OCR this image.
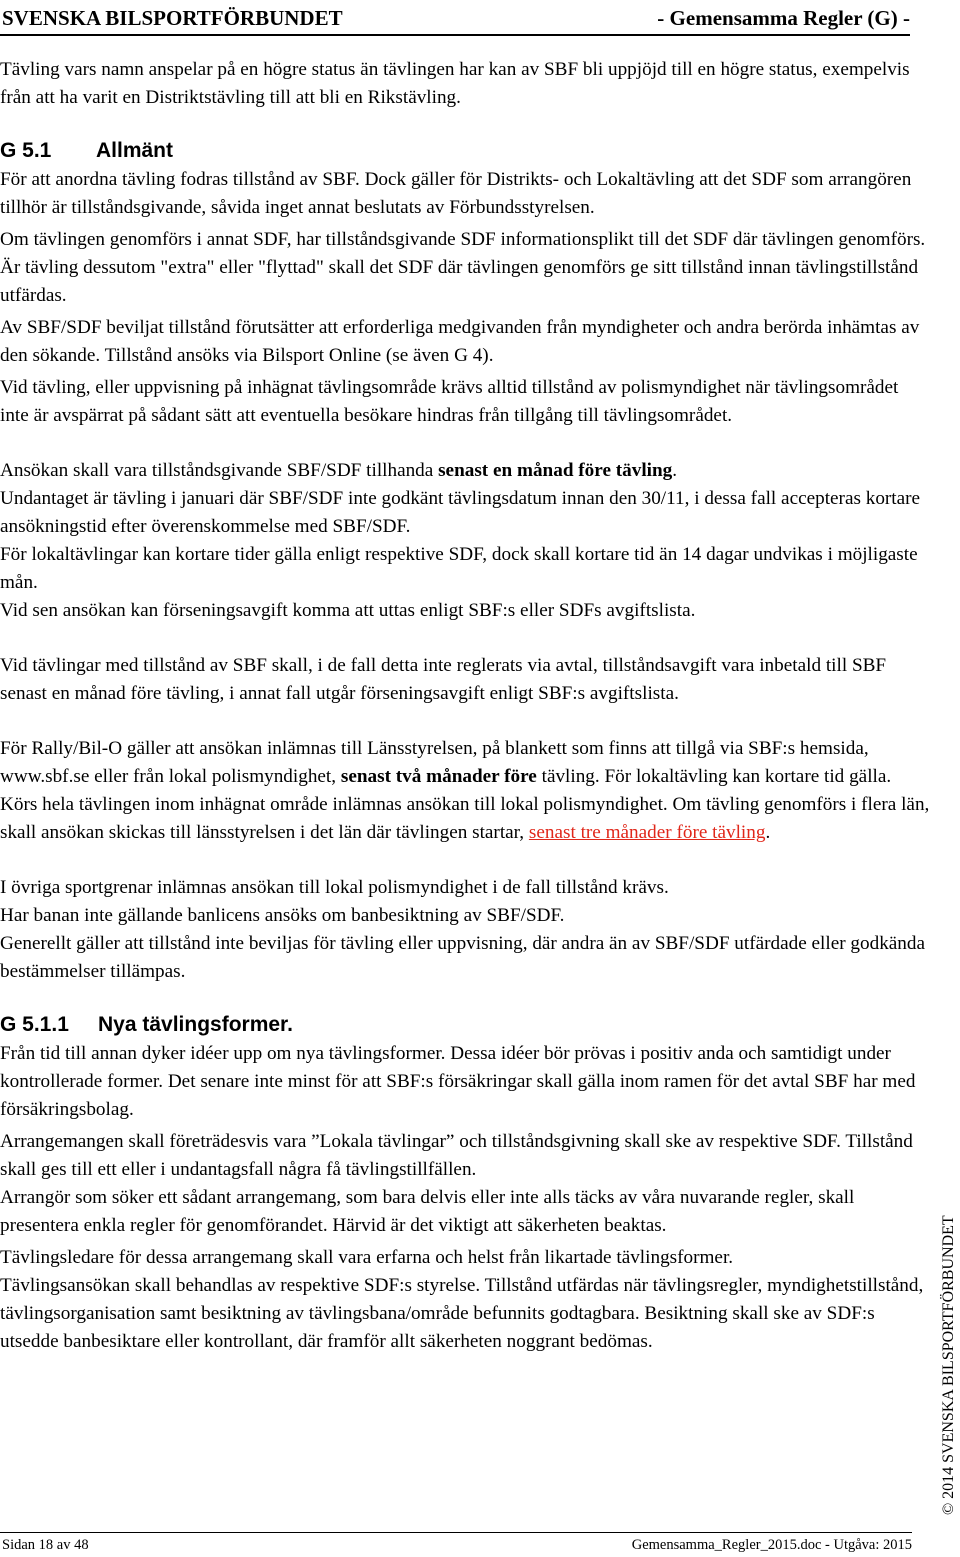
SVENSKA BILSPORTFÖRBUNDET	- Gemensamma Regler (G) -

Tävling vars namn anspelar på en högre status än tävlingen har kan av SBF bli uppjöjd till en högre status, exempelvis från att ha varit en Distriktstävling till att bli en Rikstävling.

G 5.1 Allmänt

För att anordna tävling fodras tillstånd av SBF. Dock gäller för Distrikts- och Lokaltävling att det SDF som arrangören tillhör är tillståndsgivande, såvida inget annat beslutats av Förbundsstyrelsen.

Om tävlingen genomförs i annat SDF, har tillståndsgivande SDF informationsplikt till det SDF där tävlingen genomförs. Är tävling dessutom "extra" eller "flyttad" skall det SDF där tävlingen genomförs ge sitt tillstånd innan tävlingstillstånd utfärdas.

Av SBF/SDF beviljat tillstånd förutsätter att erforderliga medgivanden från myndigheter och andra berörda inhämtas av den sökande. Tillstånd ansöks via Bilsport Online (se även G 4).

Vid tävling, eller uppvisning på inhägnat tävlingsområde krävs alltid tillstånd av polismyndighet när tävlingsområdet inte är avspärrat på sådant sätt att eventuella besökare hindras från tillgång till tävlingsområdet.

Ansökan skall vara tillståndsgivande SBF/SDF tillhanda senast en månad före tävling.

Undantaget är tävling i januari där SBF/SDF inte godkänt tävlingsdatum innan den 30/11, i dessa fall accepteras kortare ansökningstid efter överenskommelse med SBF/SDF.

För lokaltävlingar kan kortare tider gälla enligt respektive SDF, dock skall kortare tid än 14 dagar undvikas i möjligaste mån.

Vid sen ansökan kan förseningsavgift komma att uttas enligt SBF:s eller SDFs avgiftslista.

Vid tävlingar med tillstånd av SBF skall, i de fall detta inte reglerats via avtal, tillståndsavgift vara inbetald till SBF senast en månad före tävling, i annat fall utgår förseningsavgift enligt SBF:s avgiftslista.

För Rally/Bil-O gäller att ansökan inlämnas till Länsstyrelsen, på blankett som finns att tillgå via SBF:s hemsida, www.sbf.se eller från lokal polismyndighet, senast två månader före tävling. För lokaltävling kan kortare tid gälla. Körs hela tävlingen inom inhägnat område inlämnas ansökan till lokal polismyndighet. Om tävling genomförs i flera län, skall ansökan skickas till länsstyrelsen i det län där tävlingen startar, senast tre månader före tävling.

I övriga sportgrenar inlämnas ansökan till lokal polismyndighet i de fall tillstånd krävs.

Har banan inte gällande banlicens ansöks om banbesiktning av SBF/SDF.

Generellt gäller att tillstånd inte beviljas för tävling eller uppvisning, där andra än av SBF/SDF utfärdade eller godkända bestämmelser tillämpas.

G 5.1.1 Nya tävlingsformer.

Från tid till annan dyker idéer upp om nya tävlingsformer. Dessa idéer bör prövas i positiv anda och samtidigt under kontrollerade former. Det senare inte minst för att SBF:s försäkringar skall gälla inom ramen för det avtal SBF har med försäkringsbolag.

Arrangemangen skall företrädesvis vara ”Lokala tävlingar” och tillståndsgivning skall ske av respektive SDF. Tillstånd skall ges till ett eller i undantagsfall några få tävlingstillfällen.

Arrangör som söker ett sådant arrangemang, som bara delvis eller inte alls täcks av våra nuvarande regler, skall presentera enkla regler för genomförandet. Härvid är det viktigt att säkerheten beaktas.

Tävlingsledare för dessa arrangemang skall vara erfarna och helst från likartade tävlingsformer.

Tävlingsansökan skall behandlas av respektive SDF:s styrelse. Tillstånd utfärdas när tävlingsregler, myndighetstillstånd, tävlingsorganisation samt besiktning av tävlingsbana/område befunnits godtagbara. Besiktning skall ske av SDF:s utsedde banbesiktare eller kontrollant, där framför allt säkerheten noggrant bedömas.	© 2014 SVENSKA BILSPORTFÖRBUNDET
Sidan 18 av 48	Gemensamma_Regler_2015.doc - Utgåva: 2015
